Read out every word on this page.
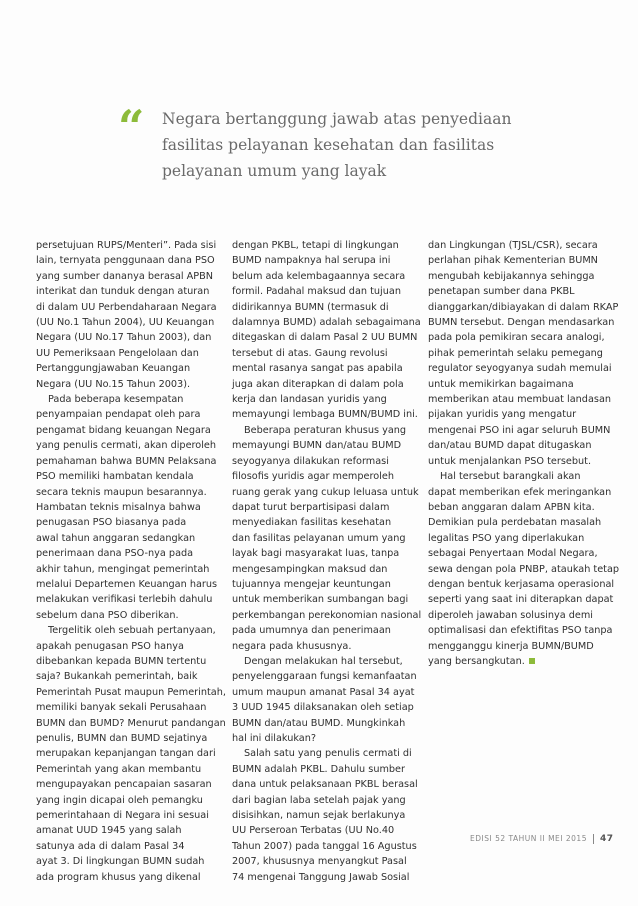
“ Negara bertanggung jawab atas penyediaan
fasilitas pelayanan kesehatan dan fasilitas
pelayanan umum yang layak
persetujuan RUPS/Menteri”. Pada sisi
lain, ternyata penggunaan dana PSO
yang sumber dananya berasal APBN
interikat dan tunduk dengan aturan
di dalam UU Perbendaharaan Negara
(UU No.1 Tahun 2004), UU Keuangan
Negara (UU No.17 Tahun 2003), dan
UU Pemeriksaan Pengelolaan dan
Pertanggungjawaban Keuangan
Negara (UU No.15 Tahun 2003).
Pada beberapa kesempatan
penyampaian pendapat oleh para
pengamat bidang keuangan Negara
yang penulis cermati, akan diperoleh
pemahaman bahwa BUMN Pelaksana
PSO memiliki hambatan kendala
secara teknis maupun besarannya.
Hambatan teknis misalnya bahwa
penugasan PSO biasanya pada
awal tahun anggaran sedangkan
penerimaan dana PSO-nya pada
akhir tahun, mengingat pemerintah
melalui Departemen Keuangan harus
melakukan verifikasi terlebih dahulu
sebelum dana PSO diberikan.
Tergelitik oleh sebuah pertanyaan,
apakah penugasan PSO hanya
dibebankan kepada BUMN tertentu
saja? Bukankah pemerintah, baik
Pemerintah Pusat maupun Pemerintah,
memiliki banyak sekali Perusahaan
BUMN dan BUMD? Menurut pandangan
penulis, BUMN dan BUMD sejatinya
merupakan kepanjangan tangan dari
Pemerintah yang akan membantu
mengupayakan pencapaian sasaran
yang ingin dicapai oleh pemangku
pemerintahaan di Negara ini sesuai
amanat UUD 1945 yang salah
satunya ada di dalam Pasal 34
ayat 3. Di lingkungan BUMN sudah
ada program khusus yang dikenal
dengan PKBL, tetapi di lingkungan
BUMD nampaknya hal serupa ini
belum ada kelembagaannya secara
formil. Padahal maksud dan tujuan
didirikannya BUMN (termasuk di
dalamnya BUMD) adalah sebagaimana
ditegaskan di dalam Pasal 2 UU BUMN
tersebut di atas. Gaung revolusi
mental rasanya sangat pas apabila
juga akan diterapkan di dalam pola
kerja dan landasan yuridis yang
memayungi lembaga BUMN/BUMD ini.
Beberapa peraturan khusus yang
memayungi BUMN dan/atau BUMD
seyogyanya dilakukan reformasi
filosofis yuridis agar memperoleh
ruang gerak yang cukup leluasa untuk
dapat turut berpartisipasi dalam
menyediakan fasilitas kesehatan
dan fasilitas pelayanan umum yang
layak bagi masyarakat luas, tanpa
mengesampingkan maksud dan
tujuannya mengejar keuntungan
untuk memberikan sumbangan bagi
perkembangan perekonomian nasional
pada umumnya dan penerimaan
negara pada khususnya.
Dengan melakukan hal tersebut,
penyelenggaraan fungsi kemanfaatan
umum maupun amanat Pasal 34 ayat
3 UUD 1945 dilaksanakan oleh setiap
BUMN dan/atau BUMD. Mungkinkah
hal ini dilakukan?
Salah satu yang penulis cermati di
BUMN adalah PKBL. Dahulu sumber
dana untuk pelaksanaan PKBL berasal
dari bagian laba setelah pajak yang
disisihkan, namun sejak berlakunya
UU Perseroan Terbatas (UU No.40
Tahun 2007) pada tanggal 16 Agustus
2007, khususnya menyangkut Pasal
74 mengenai Tanggung Jawab Sosial
dan Lingkungan (TJSL/CSR), secara
perlahan pihak Kementerian BUMN
mengubah kebijakannya sehingga
penetapan sumber dana PKBL
dianggarkan/dibiayakan di dalam RKAP
BUMN tersebut. Dengan mendasarkan
pada pola pemikiran secara analogi,
pihak pemerintah selaku pemegang
regulator seyogyanya sudah memulai
untuk memikirkan bagaimana
memberikan atau membuat landasan
pijakan yuridis yang mengatur
mengenai PSO ini agar seluruh BUMN
dan/atau BUMD dapat ditugaskan
untuk menjalankan PSO tersebut.
Hal tersebut barangkali akan
dapat memberikan efek meringankan
beban anggaran dalam APBN kita.
Demikian pula perdebatan masalah
legalitas PSO yang diperlakukan
sebagai Penyertaan Modal Negara,
sewa dengan pola PNBP, ataukah tetap
dengan bentuk kerjasama operasional
seperti yang saat ini diterapkan dapat
diperoleh jawaban solusinya demi
optimalisasi dan efektifitas PSO tanpa
mengganggu kinerja BUMN/BUMD
yang bersangkutan.
EDISI 52 TAHUN II MEI 2015 47
